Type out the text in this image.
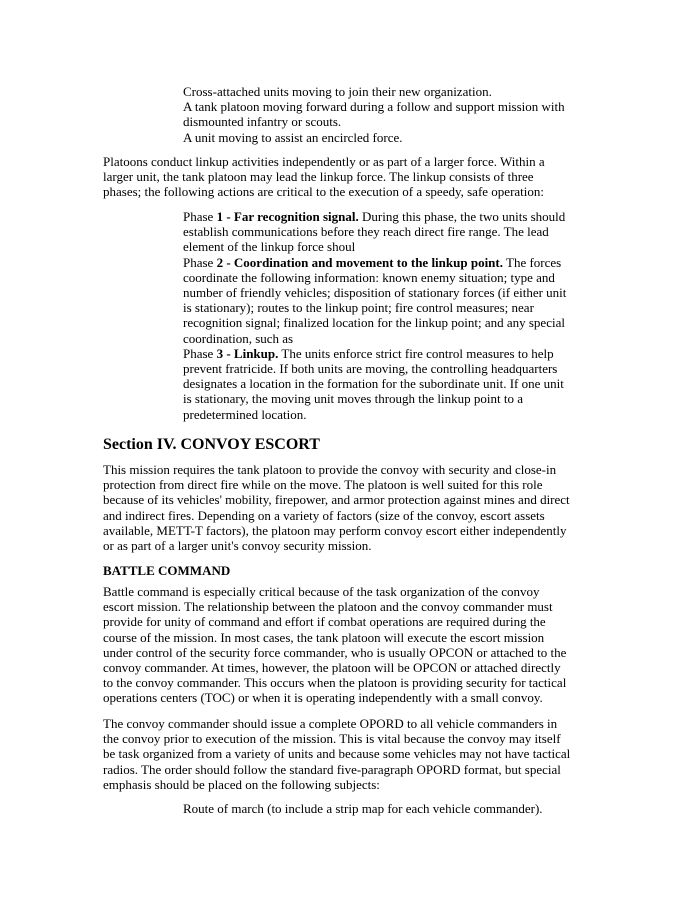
Cross-attached units moving to join their new organization.

A tank platoon moving forward during a follow and support mission with dismounted infantry or scouts.

A unit moving to assist an encircled force.

Platoons conduct linkup activities independently or as part of a larger force. Within a larger unit, the tank platoon may lead the linkup force. The linkup consists of three phases; the following actions are critical to the execution of a speedy, safe operation:

Phase 1 - Far recognition signal. During this phase, the two units should establish communications before they reach direct fire range. The lead element of the linkup force shoul

Phase 2 - Coordination and movement to the linkup point. The forces coordinate the following information: known enemy situation; type and number of friendly vehicles; disposition of stationary forces (if either unit is stationary); routes to the linkup point; fire control measures; near recognition signal; finalized location for the linkup point; and any special coordination, such as

Phase 3 - Linkup. The units enforce strict fire control measures to help prevent fratricide. If both units are moving, the controlling headquarters designates a location in the formation for the subordinate unit. If one unit is stationary, the moving unit moves through the linkup point to a predetermined location.

Section IV. CONVOY ESCORT

This mission requires the tank platoon to provide the convoy with security and close-in protection from direct fire while on the move. The platoon is well suited for this role because of its vehicles' mobility, firepower, and armor protection against mines and direct and indirect fires. Depending on a variety of factors (size of the convoy, escort assets available, METT-T factors), the platoon may perform convoy escort either independently or as part of a larger unit's convoy security mission.

BATTLE COMMAND

Battle command is especially critical because of the task organization of the convoy escort mission. The relationship between the platoon and the convoy commander must provide for unity of command and effort if combat operations are required during the course of the mission. In most cases, the tank platoon will execute the escort mission under control of the security force commander, who is usually OPCON or attached to the convoy commander. At times, however, the platoon will be OPCON or attached directly to the convoy commander. This occurs when the platoon is providing security for tactical operations centers (TOC) or when it is operating independently with a small convoy.

The convoy commander should issue a complete OPORD to all vehicle commanders in the convoy prior to execution of the mission. This is vital because the convoy may itself be task organized from a variety of units and because some vehicles may not have tactical radios. The order should follow the standard five-paragraph OPORD format, but special emphasis should be placed on the following subjects:

Route of march (to include a strip map for each vehicle commander).
